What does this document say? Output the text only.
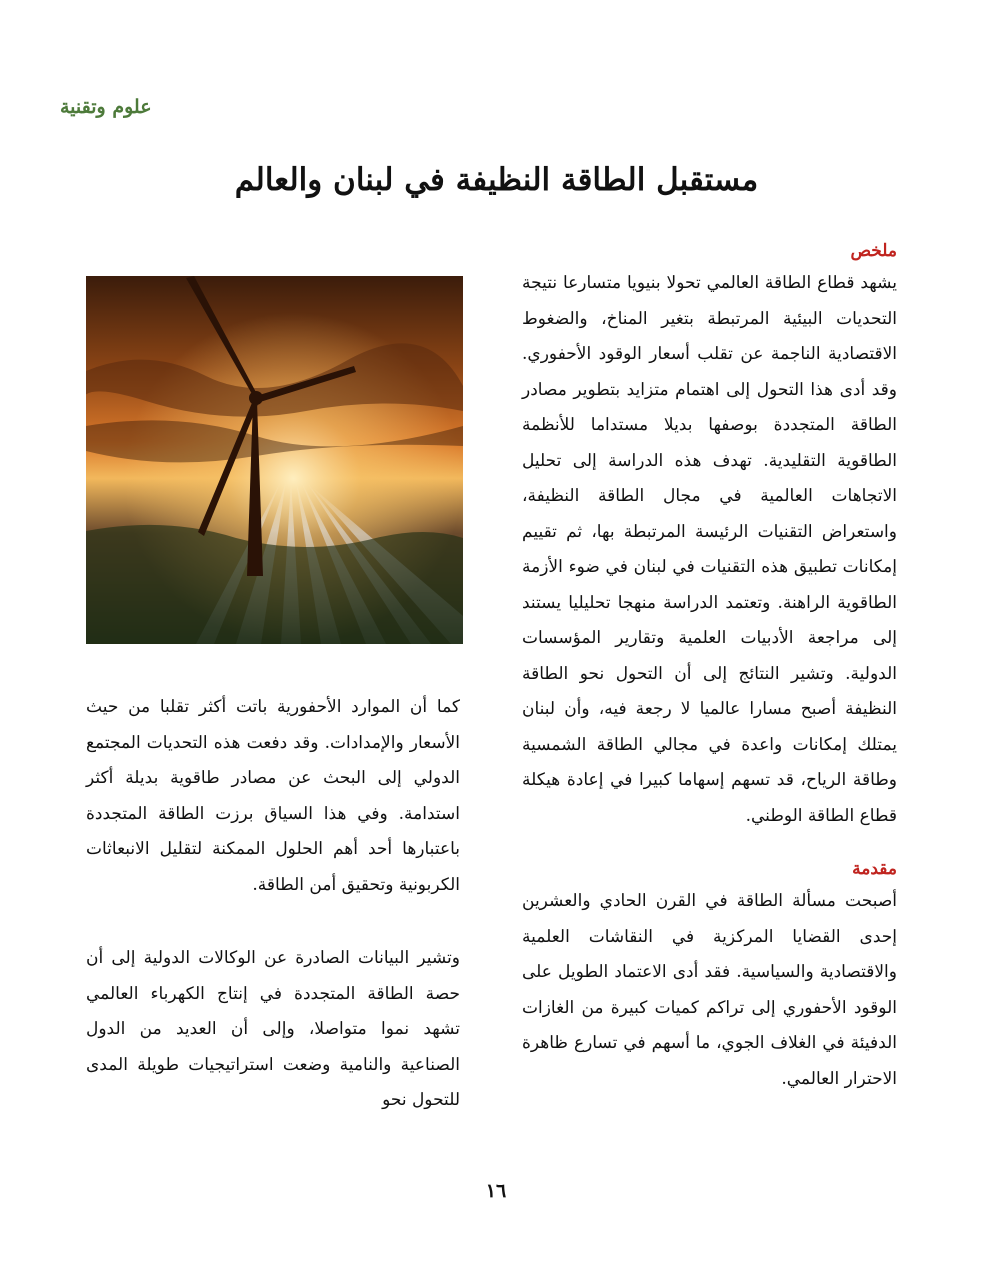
علوم وتقنية
مستقبل الطاقة النظيفة في لبنان والعالم
ملخص

يشهد قطاع الطاقة العالمي تحولا بنيويا متسارعا نتيجة التحديات البيئية المرتبطة بتغير المناخ، والضغوط الاقتصادية الناجمة عن تقلب أسعار الوقود الأحفوري. وقد أدى هذا التحول إلى اهتمام متزايد بتطوير مصادر الطاقة المتجددة بوصفها بديلا مستداما للأنظمة الطاقوية التقليدية. تهدف هذه الدراسة إلى تحليل الاتجاهات العالمية في مجال الطاقة النظيفة، واستعراض التقنيات الرئيسة المرتبطة بها، ثم تقييم إمكانات تطبيق هذه التقنيات في لبنان في ضوء الأزمة الطاقوية الراهنة. وتعتمد الدراسة منهجا تحليليا يستند إلى مراجعة الأدبيات العلمية وتقارير المؤسسات الدولية. وتشير النتائج إلى أن التحول نحو الطاقة النظيفة أصبح مسارا عالميا لا رجعة فيه، وأن لبنان يمتلك إمكانات واعدة في مجالي الطاقة الشمسية وطاقة الرياح، قد تسهم إسهاما كبيرا في إعادة هيكلة قطاع الطاقة الوطني.

مقدمة

أصبحت مسألة الطاقة في القرن الحادي والعشرين إحدى القضايا المركزية في النقاشات العلمية والاقتصادية والسياسية. فقد أدى الاعتماد الطويل على الوقود الأحفوري إلى تراكم كميات كبيرة من الغازات الدفيئة في الغلاف الجوي، ما أسهم في تسارع ظاهرة الاحترار العالمي.

كما أن الموارد الأحفورية باتت أكثر تقلبا من حيث الأسعار والإمدادات. وقد دفعت هذه التحديات المجتمع الدولي إلى البحث عن مصادر طاقوية بديلة أكثر استدامة. وفي هذا السياق برزت الطاقة المتجددة باعتبارها أحد أهم الحلول الممكنة لتقليل الانبعاثات الكربونية وتحقيق أمن الطاقة.

وتشير البيانات الصادرة عن الوكالات الدولية إلى أن حصة الطاقة المتجددة في إنتاج الكهرباء العالمي تشهد نموا متواصلا، وإلى أن العديد من الدول الصناعية والنامية وضعت استراتيجيات طويلة المدى للتحول نحو

١٦
